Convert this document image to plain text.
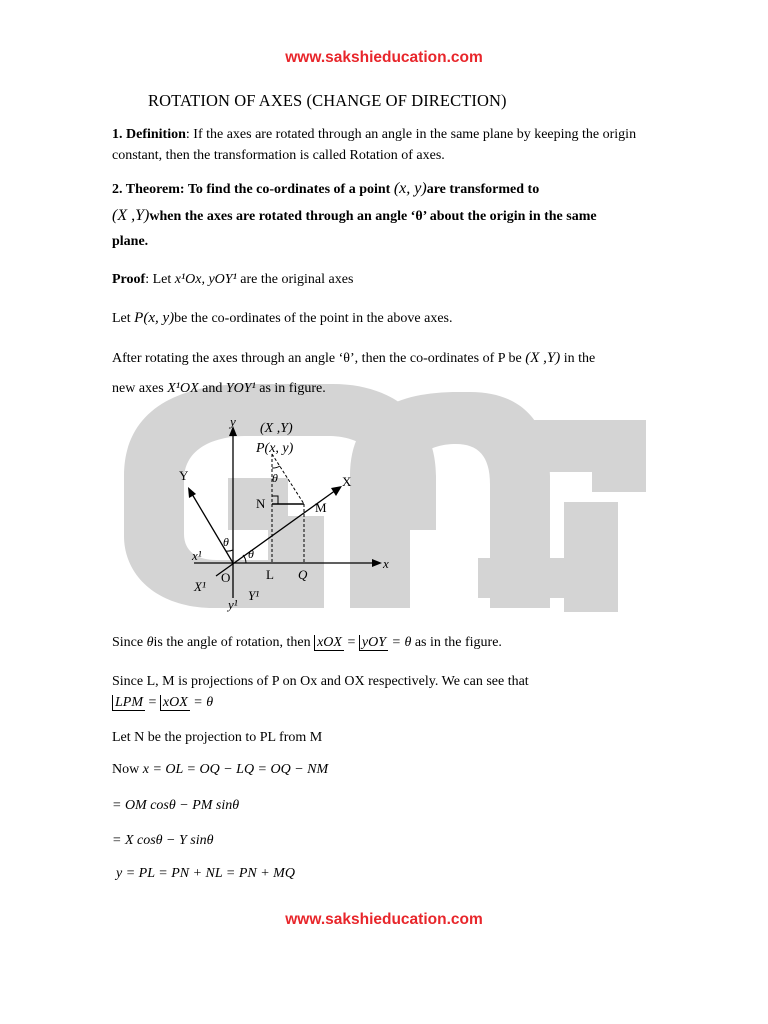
www.sakshieducation.com
ROTATION OF AXES (CHANGE OF DIRECTION)
1. Definition: If the axes are rotated through an angle in the same plane by keeping the origin constant, then the transformation is called Rotation of axes.
2. Theorem: To find the co-ordinates of a point (x, y)are transformed to
(X ,Y)when the axes are rotated through an angle ‘θ’ about the origin in the same
plane.
Proof: Let x¹Ox, yOY¹ are the original axes
Let P(x, y)be the co-ordinates of the point in the above axes.
After rotating the axes through an angle ‘θ’, then the co-ordinates of P be (X ,Y) in the
new axes X¹OX and YOY¹ as in figure.
y (X ,Y)
P(x, y)
Y	X
N	M
θ
θ
θ
x¹
X¹
O	L Q
x
y¹
Y¹
Since θis the angle of rotation, then xOX = yOY = θ as in the figure.
Since L, M is projections of P on Ox and OX respectively. We can see that
LPM = xOX = θ
Let N be the projection to PL from M
Now x = OL = OQ − LQ = OQ − NM
= OM cosθ − PM sinθ
= X cosθ − Y sinθ
y = PL = PN + NL = PN + MQ
www.sakshieducation.com
